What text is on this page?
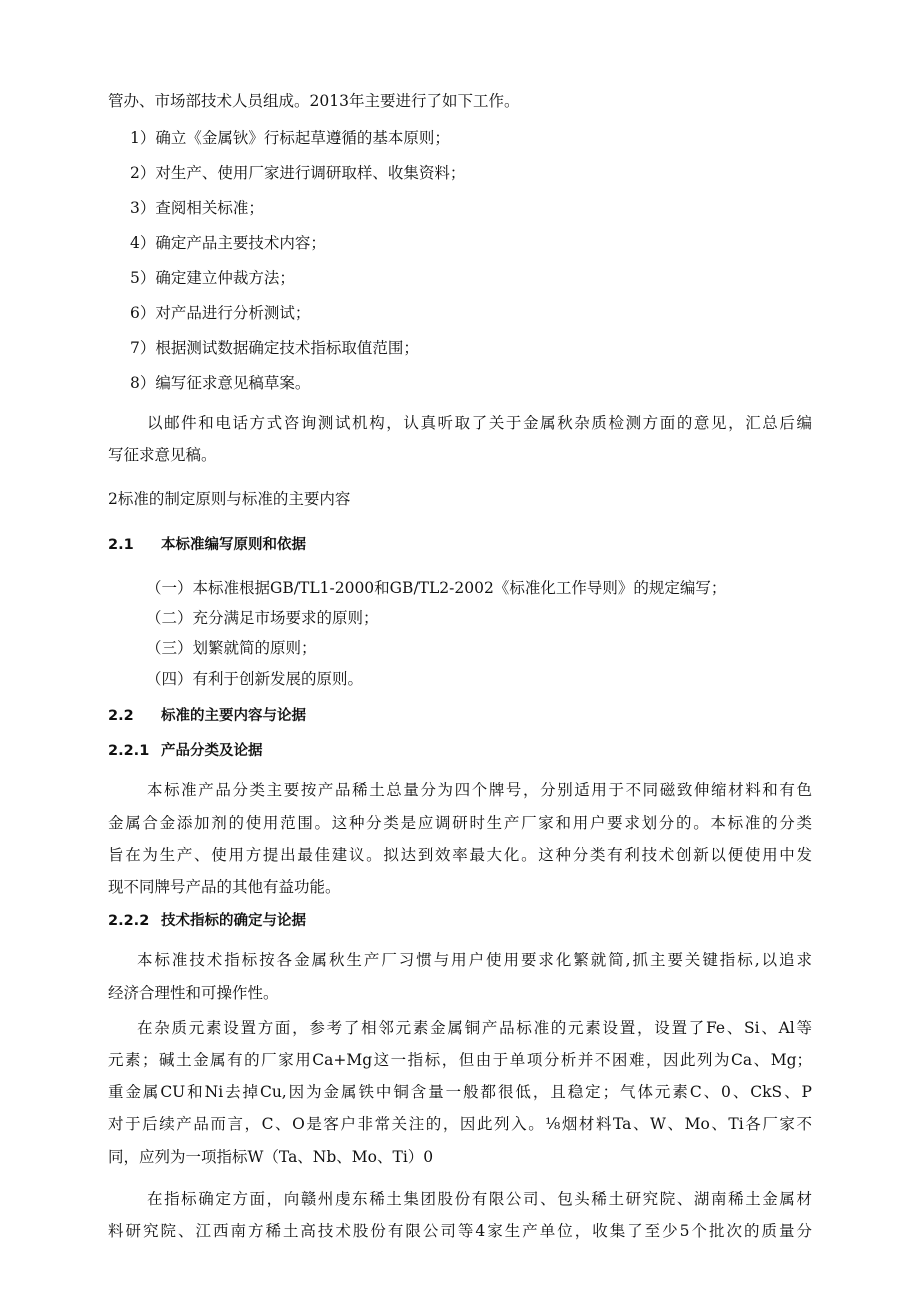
管办、市场部技术人员组成。2013年主要进行了如下工作。
1）确立《金属钬》行标起草遵循的基本原则；
2）对生产、使用厂家进行调研取样、收集资料；
3）查阅相关标准；
4）确定产品主要技术内容；
5）确定建立仲裁方法；
6）对产品进行分析测试；
7）根据测试数据确定技术指标取值范围；
8）编写征求意见稿草案。
以邮件和电话方式咨询测试机构，认真听取了关于金属秋杂质检测方面的意见，汇总后编
写征求意见稿。
2标准的制定原则与标准的主要内容
2.1 本标准编写原则和依据
（一）本标准根据GB/TL1-2000和GB/TL2-2002《标准化工作导则》的规定编写；
（二）充分满足市场要求的原则；
（三）划繁就简的原则；
（四）有利于创新发展的原则。
2.2 标准的主要内容与论据
2.2.1 产品分类及论据
本标准产品分类主要按产品稀土总量分为四个牌号，分别适用于不同磁致伸缩材料和有色
金属合金添加剂的使用范围。这种分类是应调研时生产厂家和用户要求划分的。本标准的分类
旨在为生产、使用方提出最佳建议。拟达到效率最大化。这种分类有利技术创新以便使用中发
现不同牌号产品的其他有益功能。
2.2.2 技术指标的确定与论据
本标准技术指标按各金属秋生产厂习惯与用户使用要求化繁就简,抓主要关键指标,以追求
经济合理性和可操作性。
在杂质元素设置方面，参考了相邻元素金属铜产品标准的元素设置，设置了Fe、Si、Al等
元素；碱土金属有的厂家用Ca+Mg这一指标，但由于单项分析并不困难，因此列为Ca、Mg；
重金属CU和Ni去掉Cu,因为金属铁中铜含量一般都很低，且稳定；气体元素C、0、CkS、P
对于后续产品而言，C、O是客户非常关注的，因此列入。⅛烟材料Ta、W、Mo、Ti各厂家不
同，应列为一项指标W（Ta、Nb、Mo、Ti）0
在指标确定方面，向赣州虔东稀土集团股份有限公司、包头稀土研究院、湖南稀土金属材
料研究院、江西南方稀土高技术股份有限公司等4家生产单位，收集了至少5个批次的质量分
